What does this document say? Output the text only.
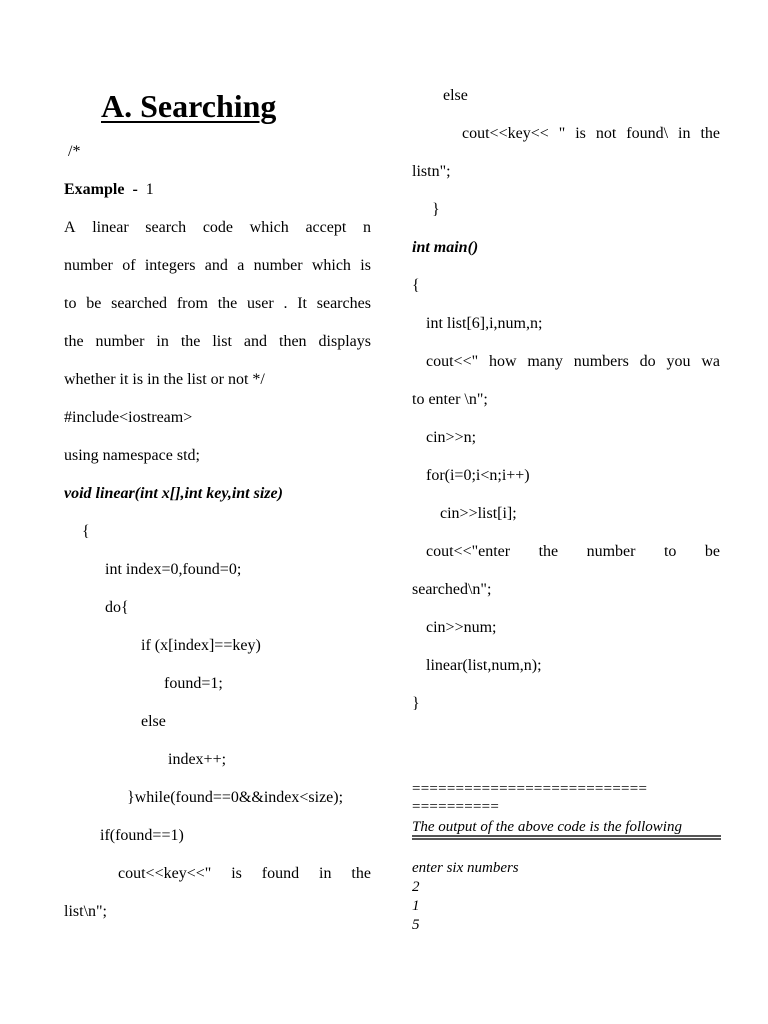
A. Searching
/*
Example - 1
A linear search code which accept n
number of integers and a number which is
to be searched from the user . It searches
the number in the list and then displays
whether it is in the list or not */
#include<iostream>
using namespace std;
void linear(int x[],int key,int size)
{
int index=0,found=0;
do{
if (x[index]==key)
found=1;
else
index++;
}while(found==0&&index<size);
if(found==1)
cout<<key<<" is found in the
list\n";
else
cout<<key<< " is not found\ in the
listn";
}
int main()
{
int list[6],i,num,n;
cout<<" how many numbers do you wa
to enter \n";
cin>>n;
for(i=0;i<n;i++)
cin>>list[i];
cout<<"enter the number to be
searched\n";
cin>>num;
linear(list,num,n);
}
===========================
==========
The output of the above code is the following
enter six numbers
2
1
5
